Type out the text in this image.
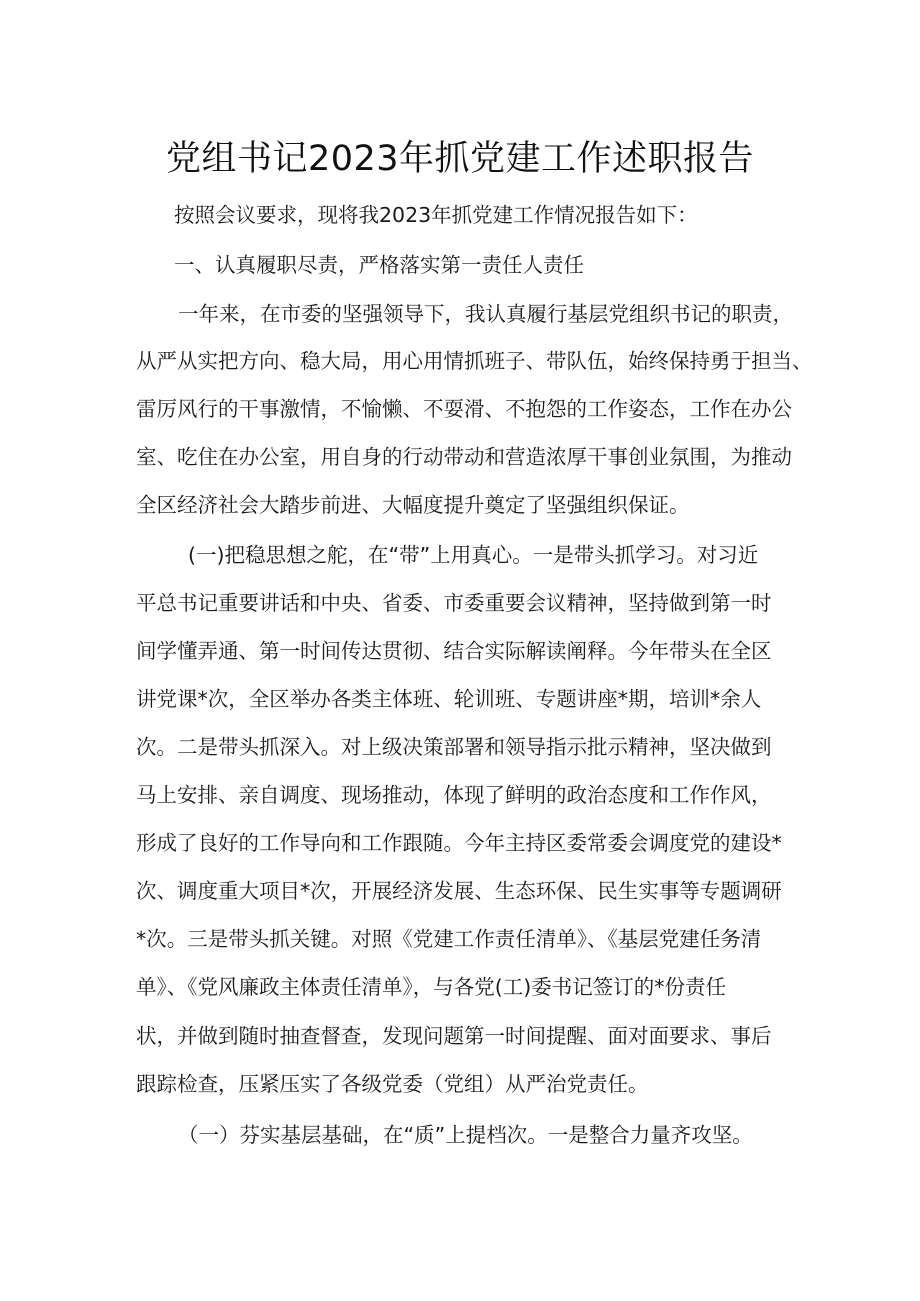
党组书记2023年抓党建工作述职报告

按照会议要求，现将我2023年抓党建工作情况报告如下：

一、认真履职尽责，严格落实第一责任人责任

一年来，在市委的坚强领导下，我认真履行基层党组织书记的职责，

从严从实把方向、稳大局，用心用情抓班子、带队伍，始终保持勇于担当、

雷厉风行的干事激情，不愉懒、不耍滑、不抱怨的工作姿态，工作在办公

室、吃住在办公室，用自身的行动带动和营造浓厚干事创业氛围，为推动

全区经济社会大踏步前进、大幅度提升奠定了坚强组织保证。

(一)把稳思想之舵，在“带”上用真心。一是带头抓学习。对习近

平总书记重要讲话和中央、省委、市委重要会议精神，坚持做到第一时

间学懂弄通、第一时间传达贯彻、结合实际解读阐释。今年带头在全区

讲党课*次，全区举办各类主体班、轮训班、专题讲座*期，培训*余人

次。二是带头抓深入。对上级决策部署和领导指示批示精神，坚决做到

马上安排、亲自调度、现场推动，体现了鲜明的政治态度和工作作风，

形成了良好的工作导向和工作跟随。今年主持区委常委会调度党的建设*

次、调度重大项目*次，开展经济发展、生态环保、民生实事等专题调研

*次。三是带头抓关键。对照《党建工作责任清单》、《基层党建任务清

单》、《党风廉政主体责任清单》，与各党(工)委书记签订的*份责任

状，并做到随时抽查督查，发现问题第一时间提醒、面对面要求、事后

跟踪检查，压紧压实了各级党委（党组）从严治党责任。

（一）芬实基层基础，在“质”上提档次。一是整合力量齐攻坚。
